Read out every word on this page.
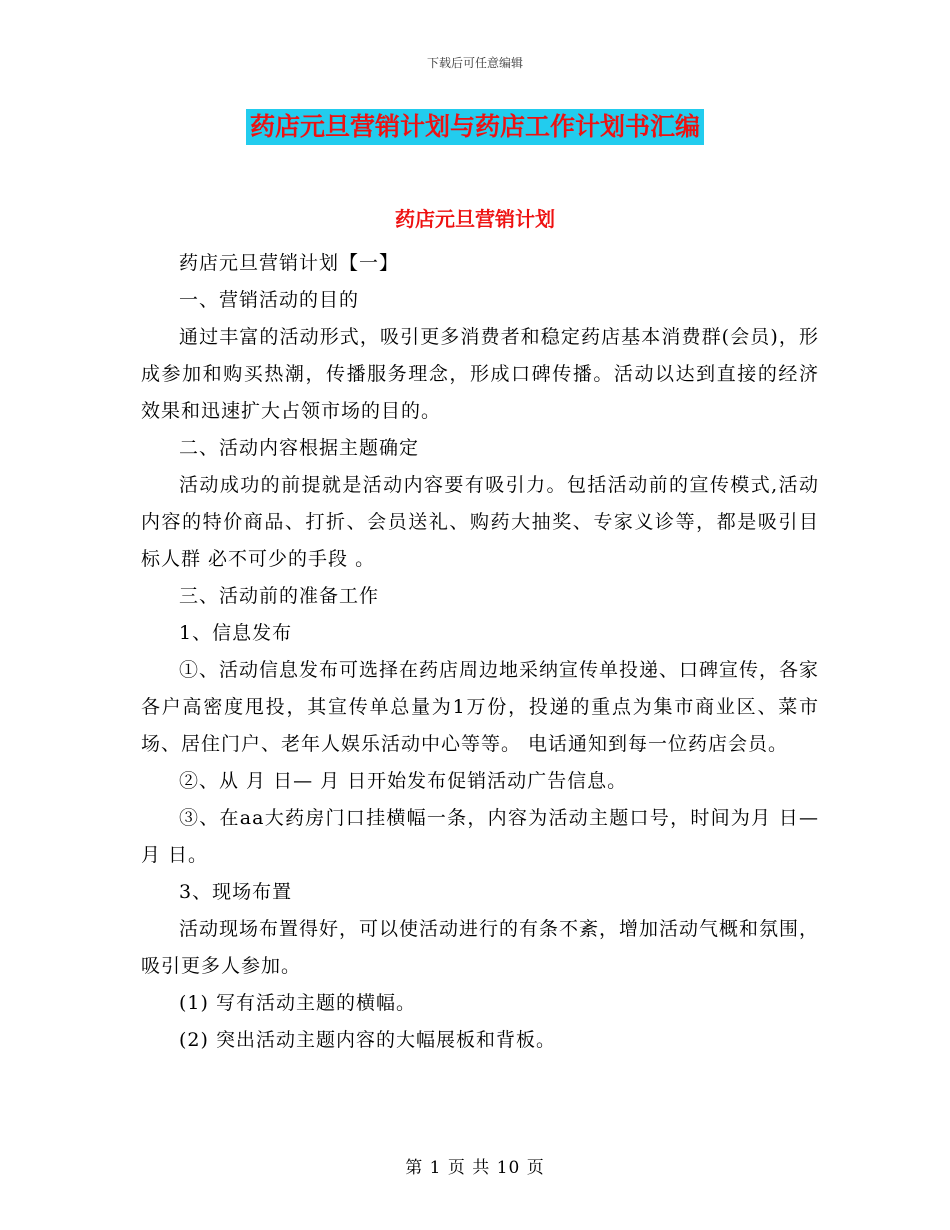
下载后可任意编辑
药店元旦营销计划与药店工作计划书汇编
药店元旦营销计划

药店元旦营销计划【一】

一、营销活动的目的

通过丰富的活动形式，吸引更多消费者和稳定药店基本消费群(会员)，形成参加和购买热潮，传播服务理念，形成口碑传播。活动以达到直接的经济效果和迅速扩大占领市场的目的。

二、活动内容根据主题确定

活动成功的前提就是活动内容要有吸引力。包括活动前的宣传模式,活动内容的特价商品、打折、会员送礼、购药大抽奖、专家义诊等，都是吸引目标人群 必不可少的手段 。

三、活动前的准备工作

1、信息发布

①、活动信息发布可选择在药店周边地采纳宣传单投递、口碑宣传，各家各户高密度甩投，其宣传单总量为1万份，投递的重点为集市商业区、菜市场、居住门户、老年人娱乐活动中心等等。 电话通知到每一位药店会员。

②、从 月 日— 月 日开始发布促销活动广告信息。

③、在aa大药房门口挂横幅一条，内容为活动主题口号，时间为月 日— 月 日。

3、现场布置

活动现场布置得好，可以使活动进行的有条不紊，增加活动气概和氛围，吸引更多人参加。

(1) 写有活动主题的横幅。

(2) 突出活动主题内容的大幅展板和背板。

第 1 页 共 10 页
